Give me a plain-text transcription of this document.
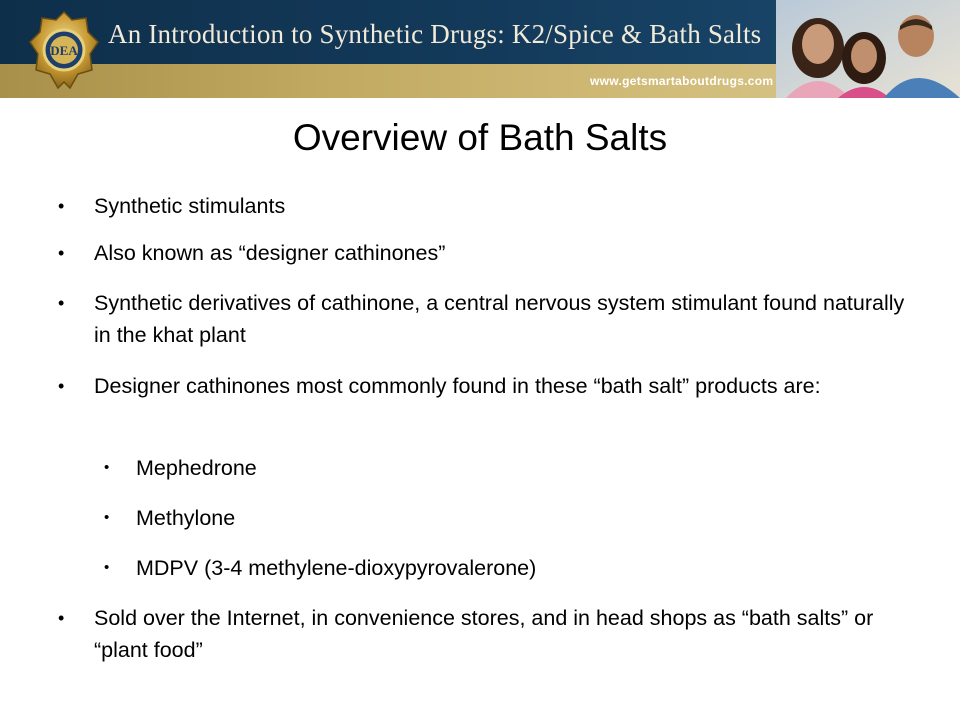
DEA
An Introduction to Synthetic Drugs: K2/Spice & Bath Salts
www.getsmartaboutdrugs.com
Overview of Bath Salts
• Synthetic stimulants
• Also known as “designer cathinones”
• Synthetic derivatives of cathinone, a central nervous system stimulant found naturally in the khat plant
• Designer cathinones most commonly found in these “bath salt” products are:
•	Mephedrone
•	Methylone
•	MDPV (3-4 methylene-dioxypyrovalerone)
• Sold over the Internet, in convenience stores, and in head shops as “bath salts” or “plant food”
